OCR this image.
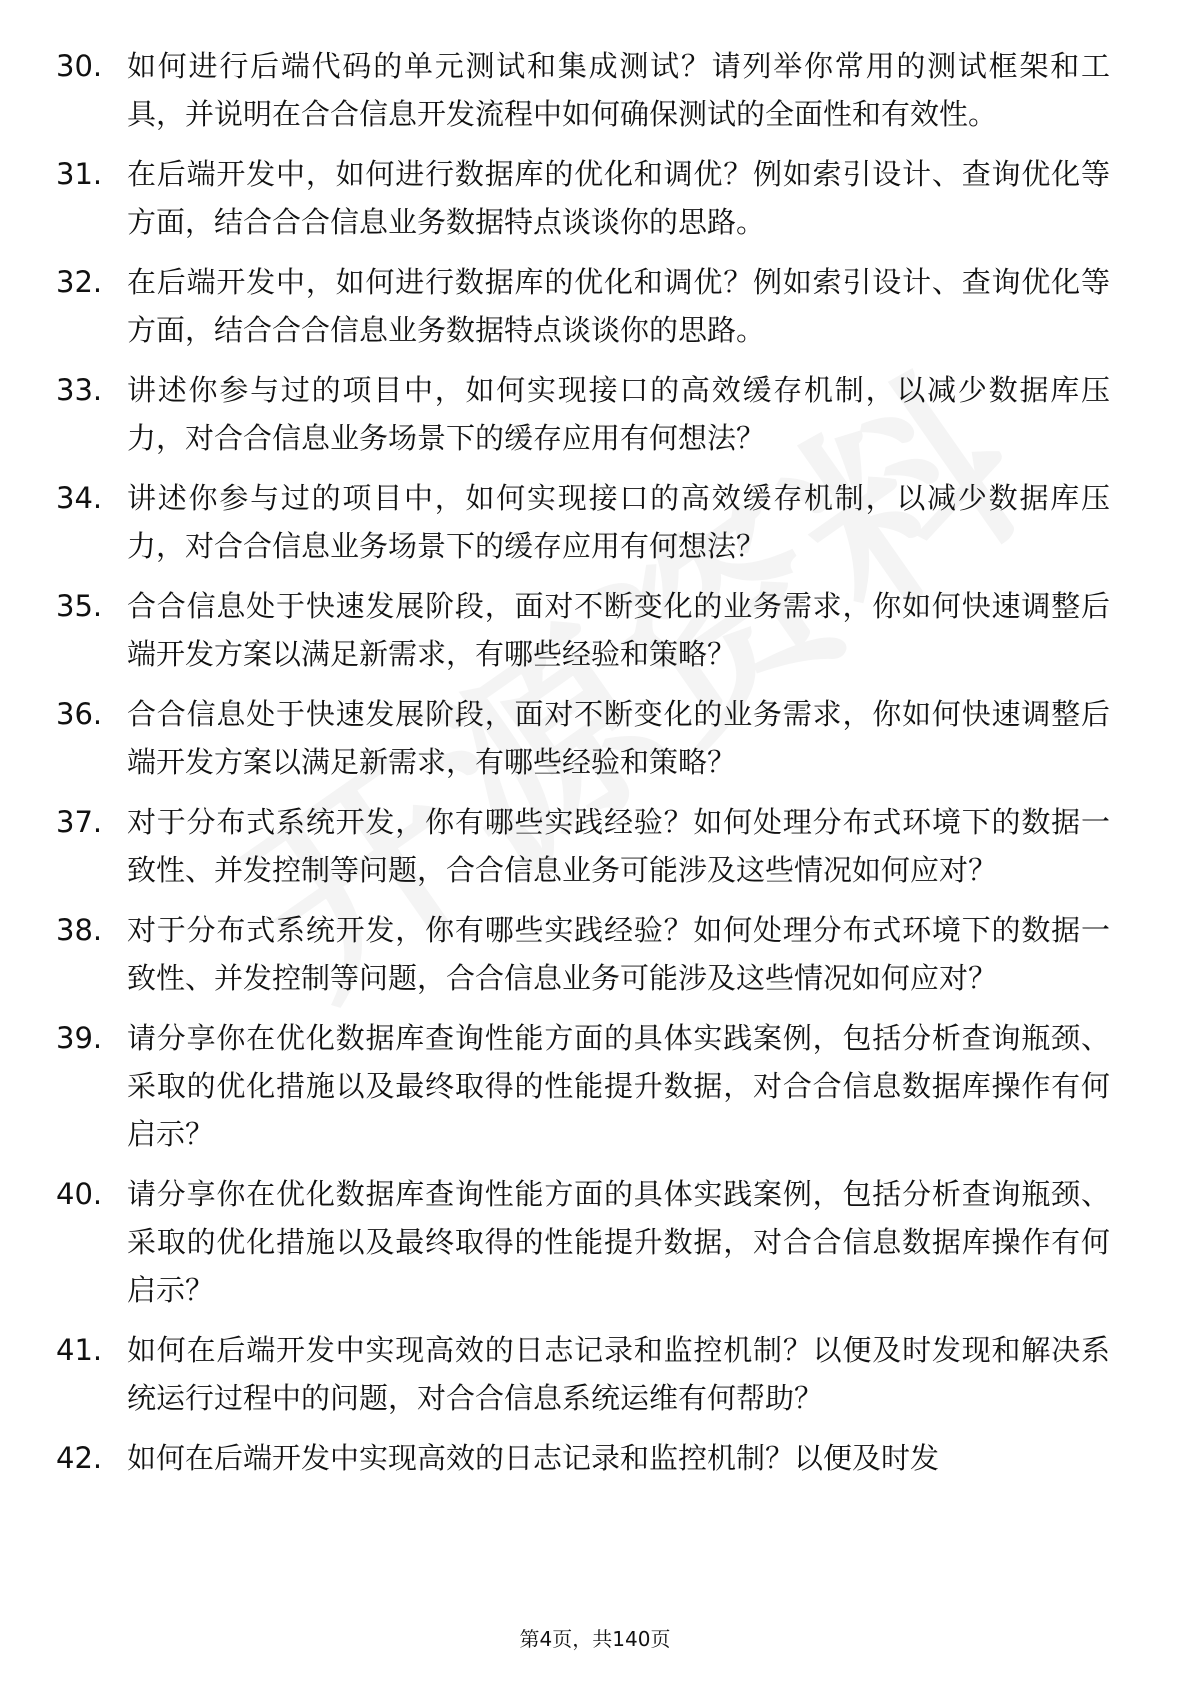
30. 如何进行后端代码的单元测试和集成测试？请列举你常用的测试框架和工具，并说明在合合信息开发流程中如何确保测试的全面性和有效性。
31. 在后端开发中，如何进行数据库的优化和调优？例如索引设计、查询优化等方面，结合合合信息业务数据特点谈谈你的思路。
32. 在后端开发中，如何进行数据库的优化和调优？例如索引设计、查询优化等方面，结合合合信息业务数据特点谈谈你的思路。
33. 讲述你参与过的项目中，如何实现接口的高效缓存机制，以减少数据库压力，对合合信息业务场景下的缓存应用有何想法？
34. 讲述你参与过的项目中，如何实现接口的高效缓存机制，以减少数据库压力，对合合信息业务场景下的缓存应用有何想法？
35. 合合信息处于快速发展阶段，面对不断变化的业务需求，你如何快速调整后端开发方案以满足新需求，有哪些经验和策略？
36. 合合信息处于快速发展阶段，面对不断变化的业务需求，你如何快速调整后端开发方案以满足新需求，有哪些经验和策略？
37. 对于分布式系统开发，你有哪些实践经验？如何处理分布式环境下的数据一致性、并发控制等问题，合合信息业务可能涉及这些情况如何应对？
38. 对于分布式系统开发，你有哪些实践经验？如何处理分布式环境下的数据一致性、并发控制等问题，合合信息业务可能涉及这些情况如何应对？
39. 请分享你在优化数据库查询性能方面的具体实践案例，包括分析查询瓶颈、采取的优化措施以及最终取得的性能提升数据，对合合信息数据库操作有何启示？
40. 请分享你在优化数据库查询性能方面的具体实践案例，包括分析查询瓶颈、采取的优化措施以及最终取得的性能提升数据，对合合信息数据库操作有何启示？
41. 如何在后端开发中实现高效的日志记录和监控机制？以便及时发现和解决系统运行过程中的问题，对合合信息系统运维有何帮助？
42. 如何在后端开发中实现高效的日志记录和监控机制？以便及时发
第4页，共140页
